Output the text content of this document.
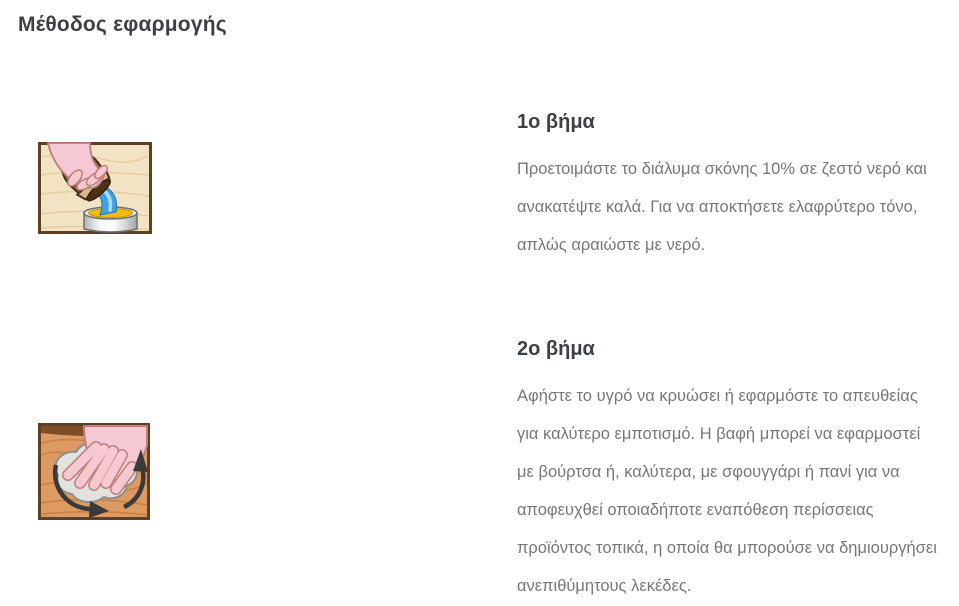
Μέθοδος εφαρμογής
1ο βήμα

Προετοιμάστε το διάλυμα σκόνης 10% σε ζεστό νερό και ανακατέψτε καλά. Για να αποκτήσετε ελαφρύτερο τόνο, απλώς αραιώστε με νερό.

2ο βήμα

Αφήστε το υγρό να κρυώσει ή εφαρμόστε το απευθείας για καλύτερο εμποτισμό. Η βαφή μπορεί να εφαρμοστεί με βούρτσα ή, καλύτερα, με σφουγγάρι ή πανί για να αποφευχθεί οποιαδήποτε εναπόθεση περίσσειας προϊόντος τοπικά, η οποία θα μπορούσε να δημιουργήσει ανεπιθύμητους λεκέδες.
